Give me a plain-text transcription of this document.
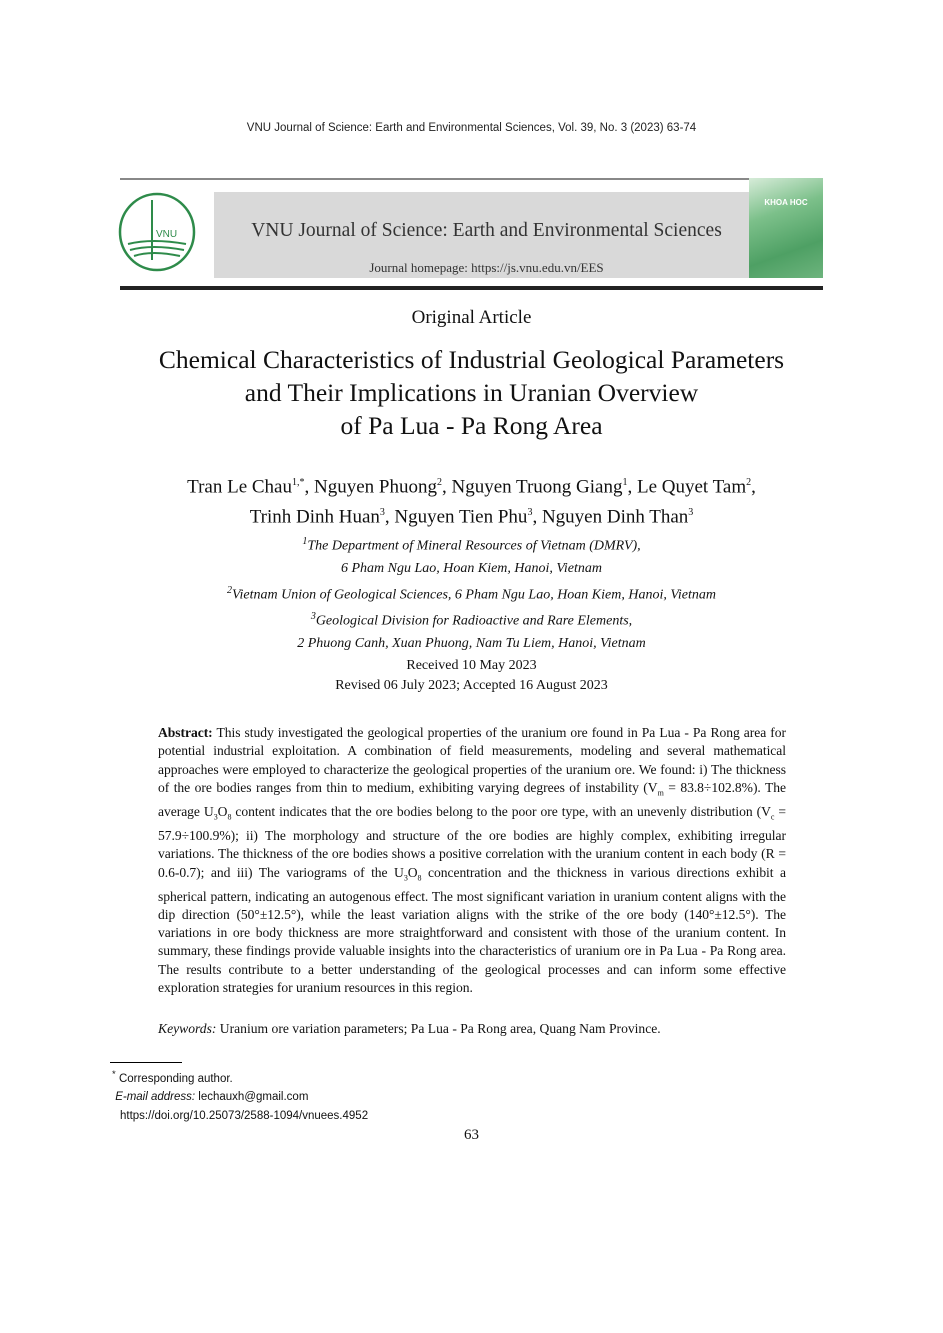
VNU Journal of Science: Earth and Environmental Sciences, Vol. 39, No. 3 (2023) 63-74
VNU	VNU Journal of Science: Earth and Environmental Sciences
Journal homepage: https://js.vnu.edu.vn/EES
KHOA HOC
Original Article
Chemical Characteristics of Industrial Geological Parameters
and Their Implications in Uranian Overview
of Pa Lua - Pa Rong Area
Tran Le Chau$^{1,*}$, Nguyen Phuong$^2$, Nguyen Truong Giang$^1$, Le Quyet Tam$^2$,
Trinh Dinh Huan$^3$, Nguyen Tien Phu$^3$, Nguyen Dinh Than$^3$
$^1$The Department of Mineral Resources of Vietnam (DMRV),
6 Pham Ngu Lao, Hoan Kiem, Hanoi, Vietnam
$^2$Vietnam Union of Geological Sciences, 6 Pham Ngu Lao, Hoan Kiem, Hanoi, Vietnam
$^3$Geological Division for Radioactive and Rare Elements,
2 Phuong Canh, Xuan Phuong, Nam Tu Liem, Hanoi, Vietnam
Received 10 May 2023
Revised 06 July 2023; Accepted 16 August 2023
Abstract: This study investigated the geological properties of the uranium ore found in Pa Lua - Pa Rong area for potential industrial exploitation. A combination of field measurements, modeling and several mathematical approaches were employed to characterize the geological properties of the uranium ore. We found: i) The thickness of the ore bodies ranges from thin to medium, exhibiting varying degrees of instability $(V_m = 83.8\div 102.8\%)$. The average $U_3O_8$ content indicates that the ore bodies belong to the poor ore type, with an unevenly distribution $(V_c = 57.9\div 100.9\%)$; ii) The morphology and structure of the ore bodies are highly complex, exhibiting irregular variations. The thickness of the ore bodies shows a positive correlation with the uranium content in each body (R = 0.6-0.7); and iii) The variograms of the $U_3O_8$ concentration and the thickness in various directions exhibit a spherical pattern, indicating an autogenous effect. The most significant variation in uranium content aligns with the dip direction (50°±12.5°), while the least variation aligns with the strike of the ore body (140°±12.5°). The variations in ore body thickness are more straightforward and consistent with those of the uranium content. In summary, these findings provide valuable insights into the characteristics of uranium ore in Pa Lua - Pa Rong area. The results contribute to a better understanding of the geological processes and can inform some effective exploration strategies for uranium resources in this region.
Keywords: Uranium ore variation parameters; Pa Lua - Pa Rong area, Quang Nam Province.
* Corresponding author.
E-mail address: lechauxh@gmail.com
https://doi.org/10.25073/2588-1094/vnuees.4952
63
